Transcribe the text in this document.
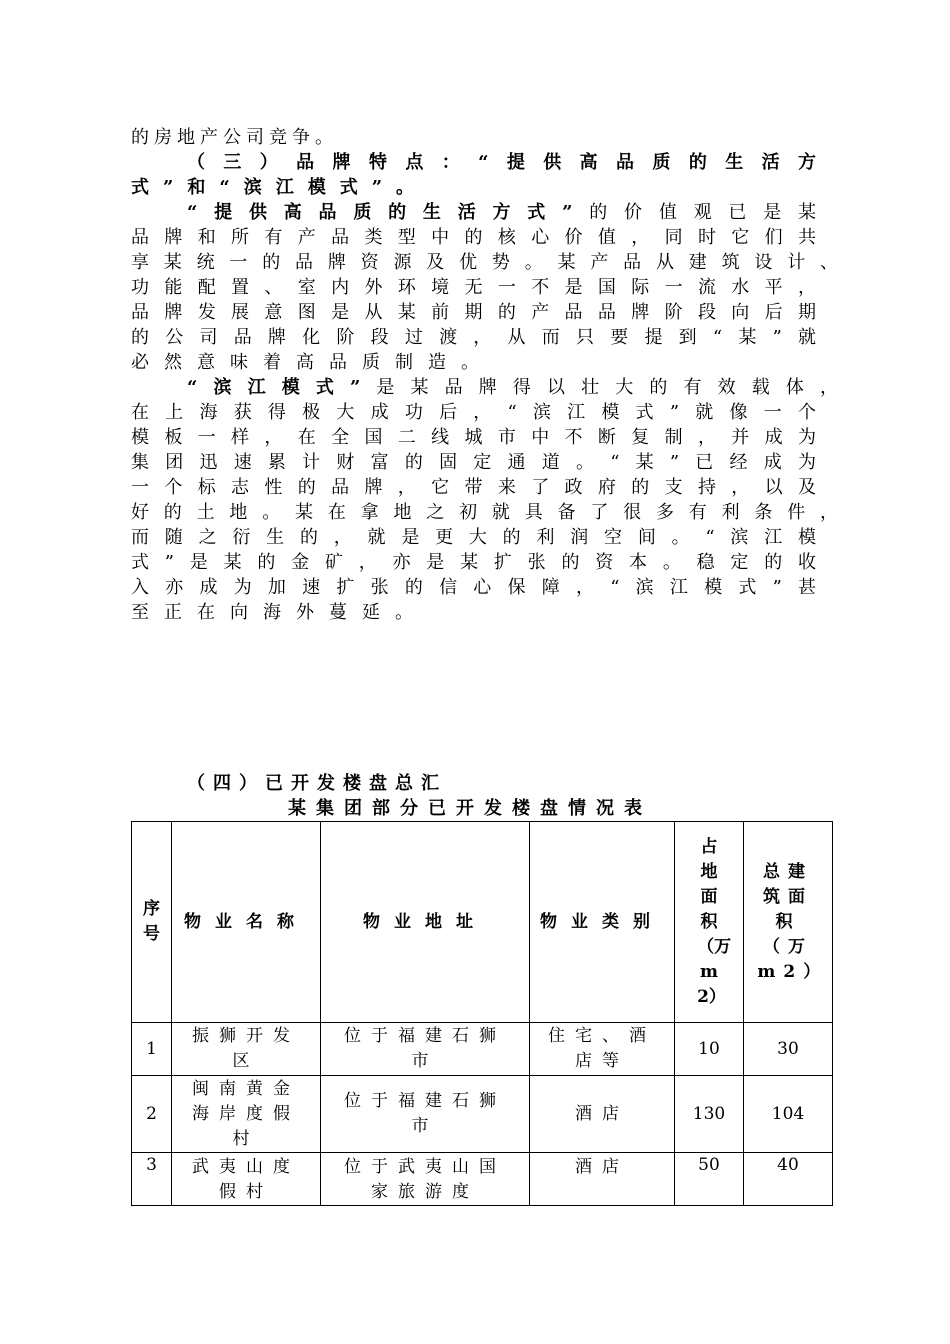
的房地产公司竞争。
（三）品牌特点：“提供高品质的生活方
式”和“滨江模式”。
“提供高品质的生活方式”的价值观已是某
品牌和所有产品类型中的核心价值，同时它们共
享某统一的品牌资源及优势。某产品从建筑设计、
功能配置、室内外环境无一不是国际一流水平，
品牌发展意图是从某前期的产品品牌阶段向后期
的公司品牌化阶段过渡，从而只要提到“某”就
必然意味着高品质制造。
“滨江模式”是某品牌得以壮大的有效载体，
在上海获得极大成功后，“滨江模式”就像一个
模板一样，在全国二线城市中不断复制，并成为
集团迅速累计财富的固定通道。“某”已经成为
一个标志性的品牌，它带来了政府的支持，以及
好的土地。某在拿地之初就具备了很多有利条件，
而随之衍生的，就是更大的利润空间。“滨江模
式”是某的金矿，亦是某扩张的资本。稳定的收
入亦成为加速扩张的信心保障，“滨江模式”甚
至正在向海外蔓延。
（四）已开发楼盘总汇
某集团部分已开发楼盘情况表
序号	物业名称	物业地址	物业类别	占地面积（万m2）	总建筑面积（万m2）

1	振狮开发区	位于福建石狮市	住宅、酒店等	10	30
2	闽南黄金海岸度假村	位于福建石狮市	酒店	130	104
3	武夷山度假村	位于武夷山国家旅游度	酒店	50	40
